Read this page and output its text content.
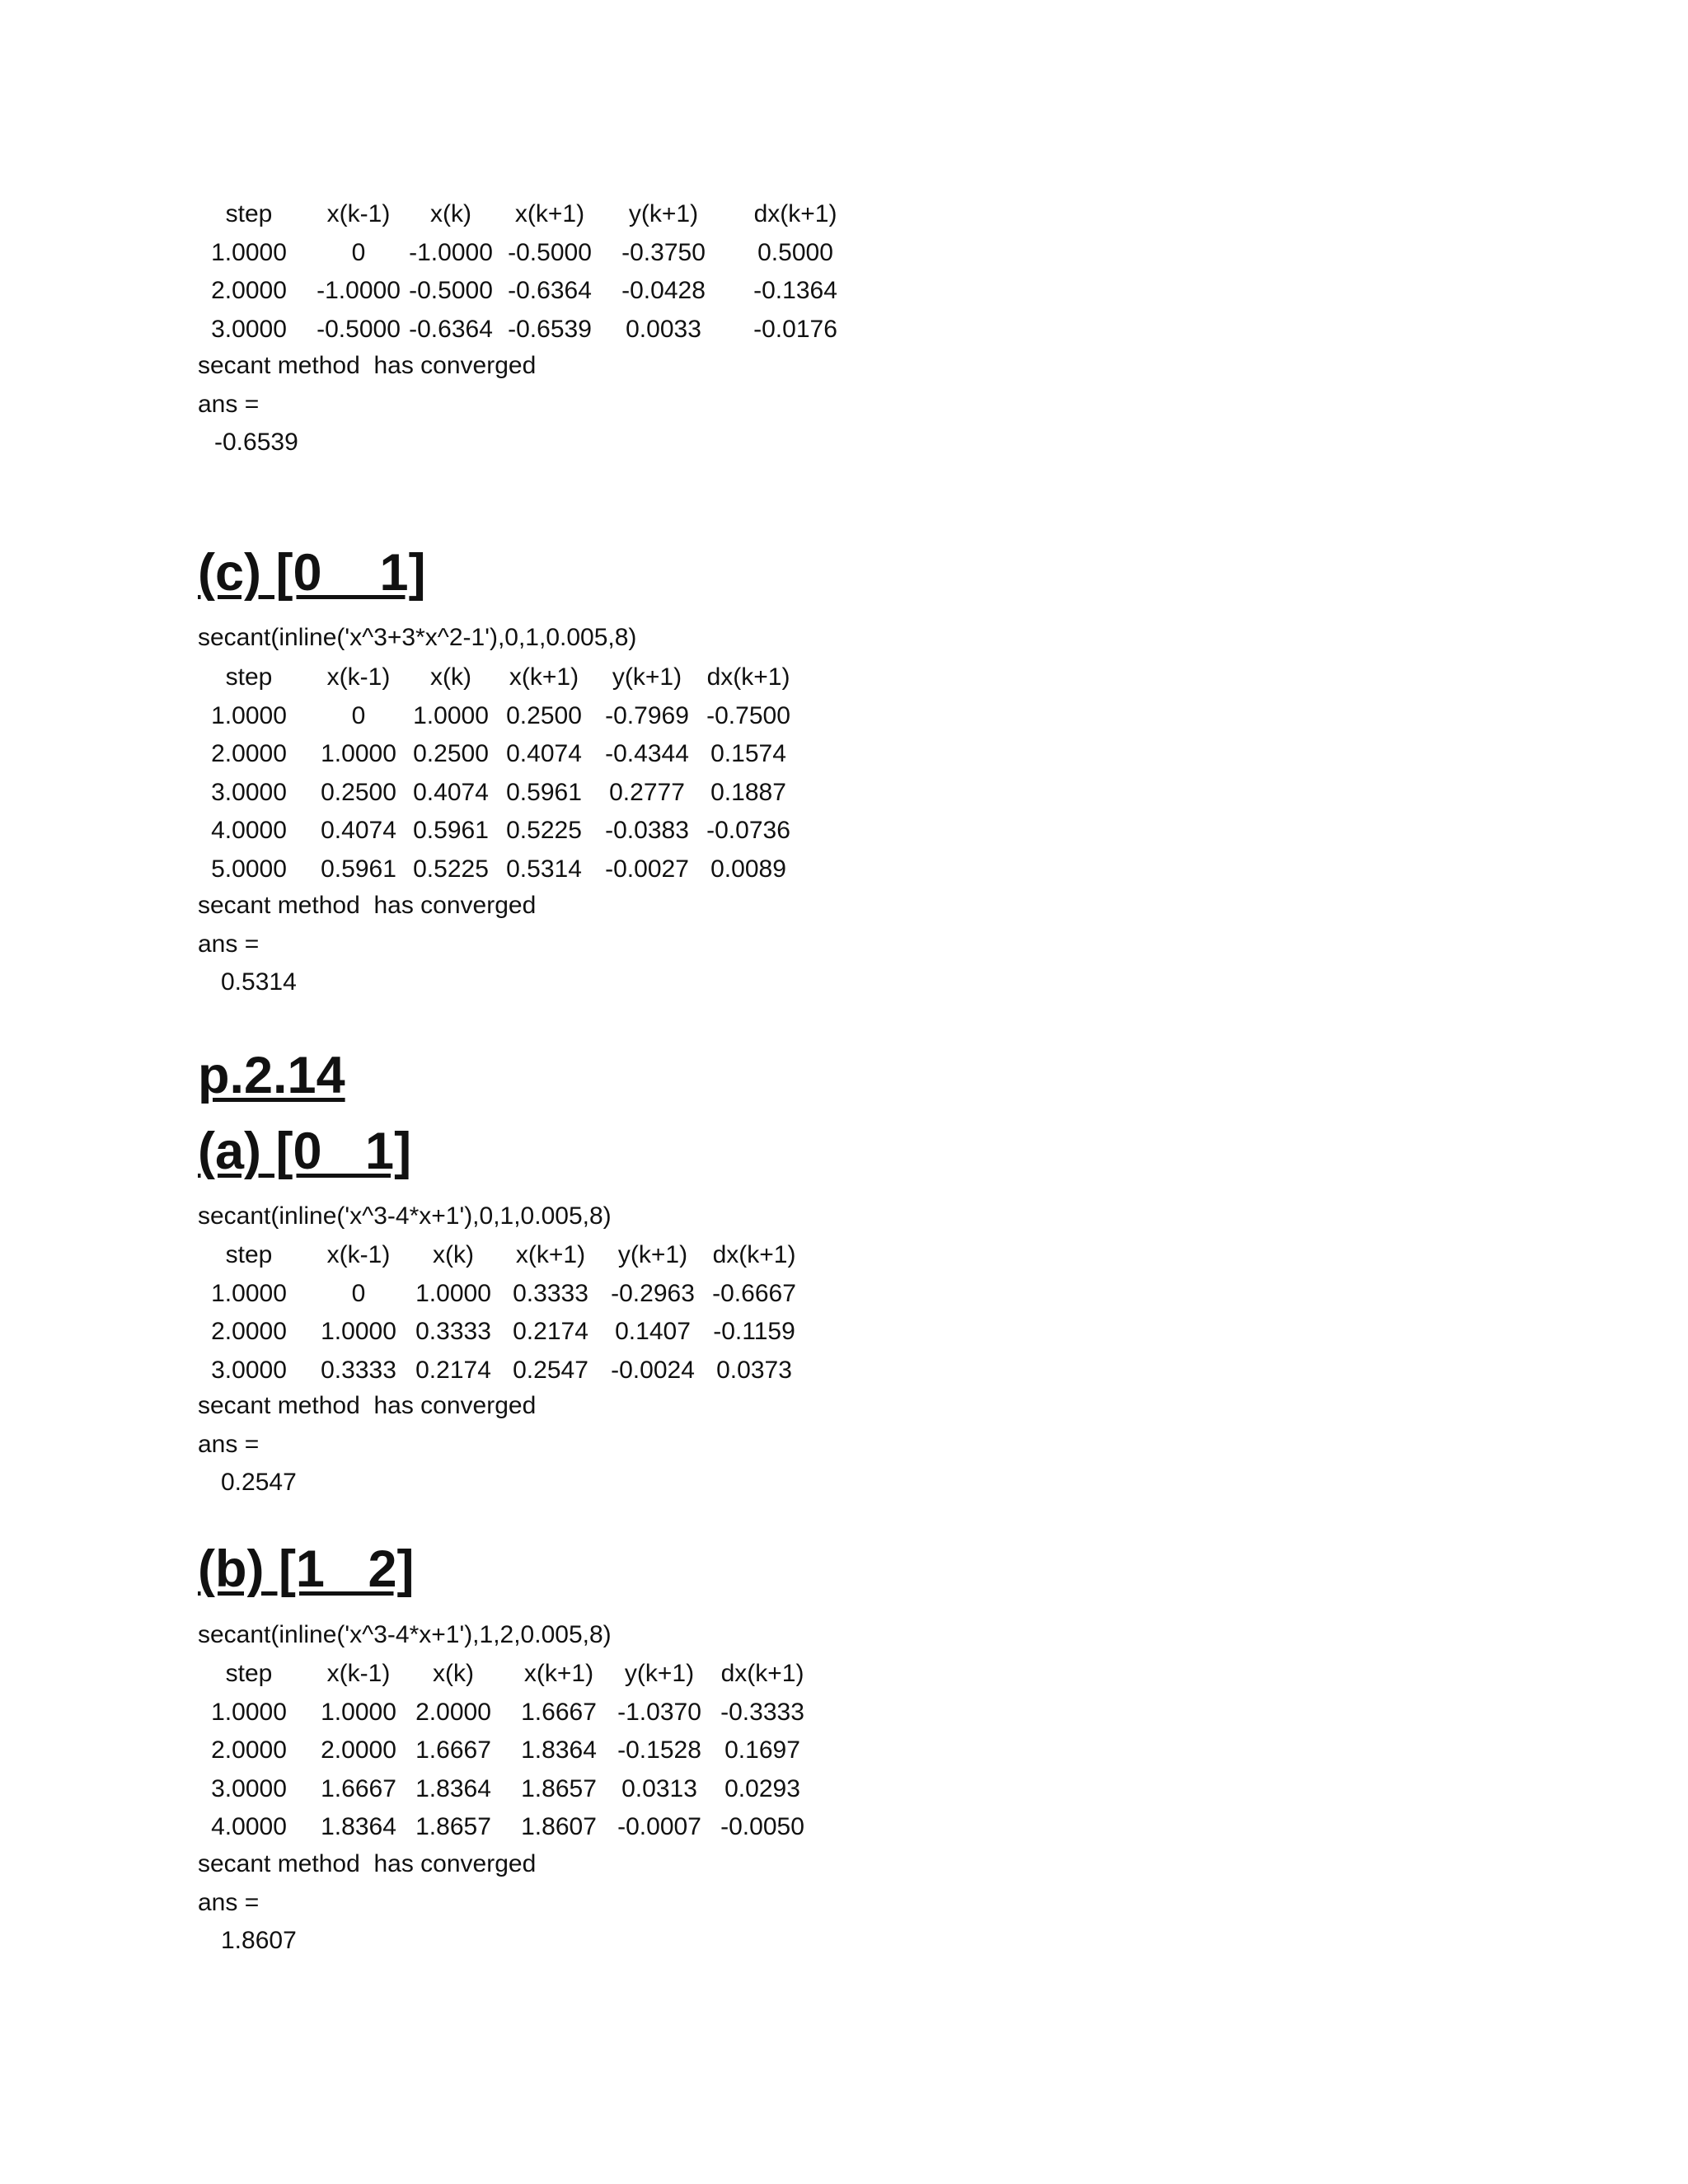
step x(k-1) x(k) x(k+1) y(k+1) dx(k+1)
1.0000	0 -1.0000 -0.5000 -0.3750 0.5000
2.0000 -1.0000 -0.5000 -0.6364 -0.0428 -0.1364
3.0000 -0.5000 -0.6364 -0.6539 0.0033 -0.0176
secant method  has converged
ans =
-0.6539
(c) [0    1]
secant(inline('x^3+3*x^2-1'),0,1,0.005,8)
step x(k-1) x(k) x(k+1) y(k+1) dx(k+1)
1.0000	0 1.0000 0.2500 -0.7969 -0.7500
2.0000 1.0000 0.2500 0.4074 -0.4344 0.1574
3.0000 0.2500 0.4074 0.5961 0.2777 0.1887
4.0000 0.4074 0.5961 0.5225 -0.0383 -0.0736
5.0000 0.5961 0.5225 0.5314 -0.0027 0.0089
secant method  has converged
ans =
0.5314
p.2.14
(a) [0   1]
secant(inline('x^3-4*x+1'),0,1,0.005,8)
step x(k-1) x(k) x(k+1) y(k+1) dx(k+1)
1.0000	0 1.0000 0.3333 -0.2963 -0.6667
2.0000 1.0000 0.3333 0.2174 0.1407 -0.1159
3.0000 0.3333 0.2174 0.2547 -0.0024 0.0373
secant method  has converged
ans =
0.2547
(b) [1   2]
secant(inline('x^3-4*x+1'),1,2,0.005,8)
step x(k-1) x(k) x(k+1) y(k+1) dx(k+1)
1.0000 1.0000 2.0000 1.6667 -1.0370 -0.3333
2.0000 2.0000 1.6667 1.8364 -0.1528 0.1697
3.0000 1.6667 1.8364 1.8657 0.0313 0.0293
4.0000 1.8364 1.8657 1.8607 -0.0007 -0.0050
secant method  has converged
ans =
1.8607
